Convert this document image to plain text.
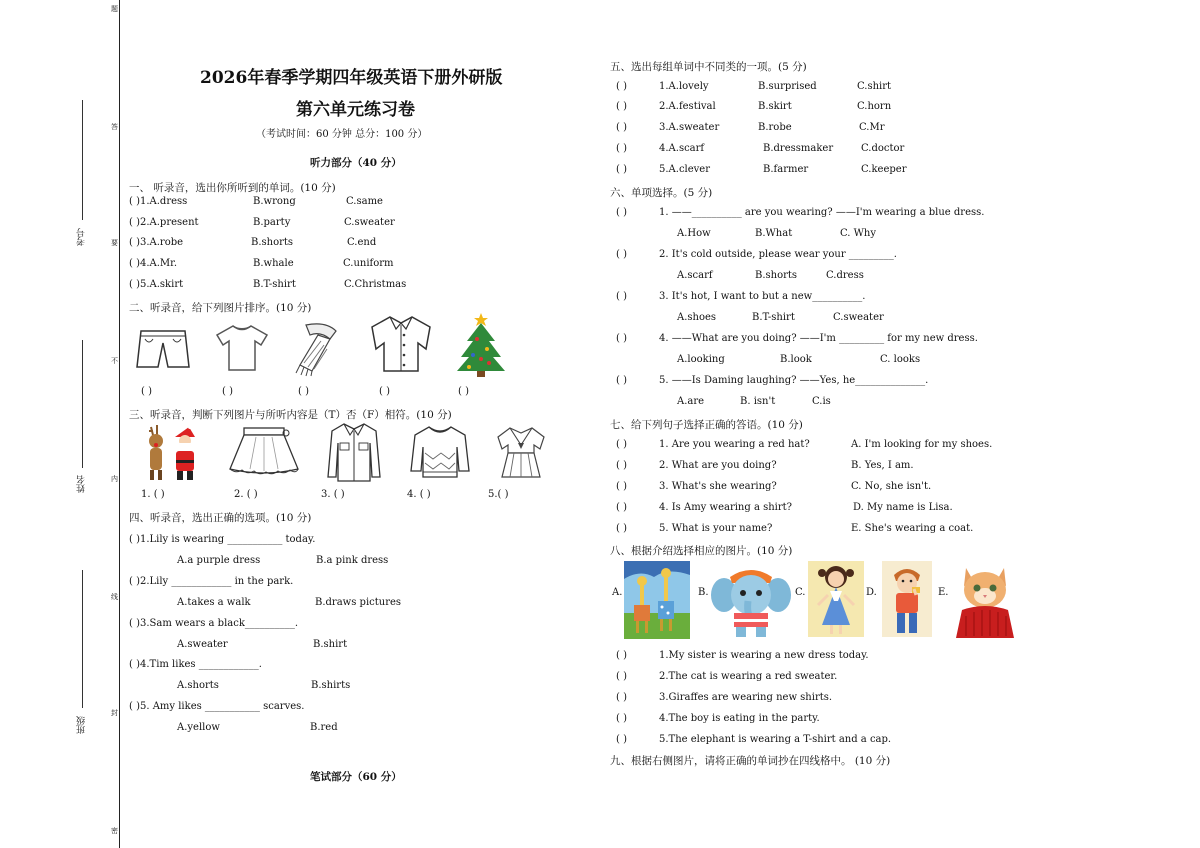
题
答
要
不
内
线
封
密
考号
姓名
班级
2026年春季学期四年级英语下册外研版
第六单元练习卷
（考试时间：60 分钟 总分：100 分）
听力部分（40 分）
一、 听录音，选出你所听到的单词。(10 分)
( )1.A.dress	B.wrong	C.same
( )2.A.present	B.party	C.sweater
( )3.A.robe	B.shorts	C.end
( )4.A.Mr.	B.whale	C.uniform
( )5.A.skirt	B.T-shirt	C.Christmas
二、听录音，给下列图片排序。(10 分)
( )	( )	( )	( )	( )
三、听录音，判断下列图片与所听内容是（T）否（F）相符。(10 分)
1. ( )	2. ( )	3. ( )	4. ( )	5.( )
四、听录音，选出正确的选项。(10 分)
( )1.Lily is wearing ___________ today.
A.a purple dress	B.a pink dress
( )2.Lily ____________ in the park.
A.takes a walk	B.draws pictures
( )3.Sam wears a black__________.
A.sweater	B.shirt
( )4.Tim likes ____________.
A.shorts	B.shirts
( )5. Amy likes ___________ scarves.
A.yellow	B.red
笔试部分（60 分）
五、选出每组单词中不同类的一项。(5 分)
( )	1.A.lovely	B.surprised	C.shirt
( )	2.A.festival	B.skirt	C.horn
( )	3.A.sweater	B.robe	C.Mr
( )	4.A.scarf	B.dressmaker	C.doctor
( )	5.A.clever	B.farmer	C.keeper
六、单项选择。(5 分)
( )	1. ——__________ are you wearing? ——I'm wearing a blue dress.
A.How	B.What	C. Why
( )	2. It's cold outside, please wear your _________.
A.scarf	B.shorts	C.dress
( )	3. It's hot, I want to but a new__________.
A.shoes	B.T-shirt	C.sweater
( )	4. ——What are you doing? ——I'm _________ for my new dress.
A.looking	B.look	C. looks
( )	5. ——Is Daming laughing? ——Yes, he______________.
A.are	B. isn't	C.is
七、给下列句子选择正确的答语。(10 分)
( )	1. Are you wearing a red hat?	A. I'm looking for my shoes.
( )	2. What are you doing?	B. Yes, I am.
( )	3. What's she wearing?	C. No, she isn't.
( )	4. Is Amy wearing a shirt?	D. My name is Lisa.
( )	5. What is your name?	E. She's wearing a coat.
八、根据介绍选择相应的图片。(10 分)
A.	B.	C.	D.	E.
( )	1.My sister is wearing a new dress today.
( )	2.The cat is wearing a red sweater.
( )	3.Giraffes are wearing new shirts.
( )	4.The boy is eating in the party.
( )	5.The elephant is wearing a T-shirt and a cap.
九、根据右侧图片，请将正确的单词抄在四线格中。 (10 分)
